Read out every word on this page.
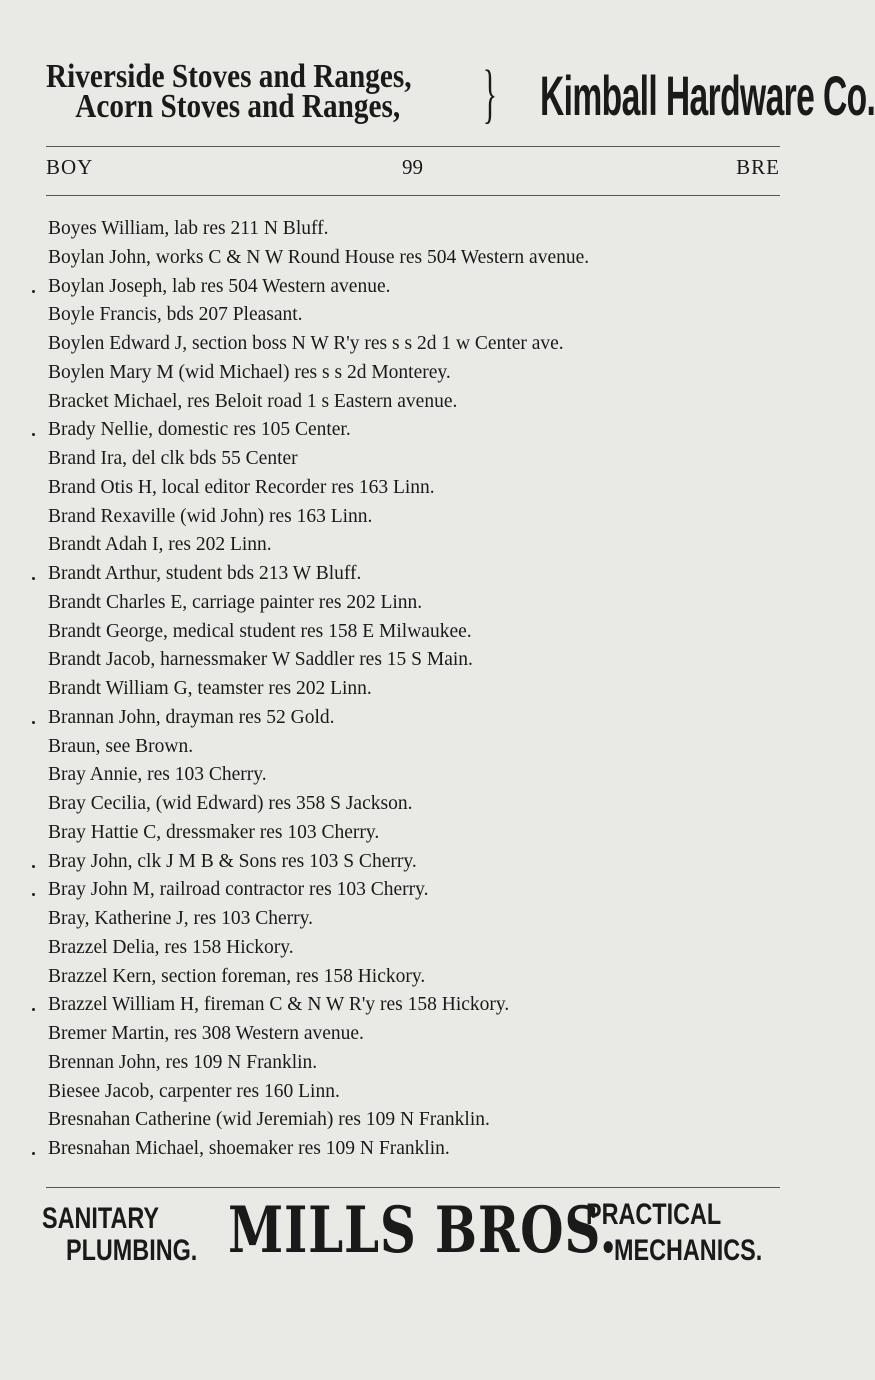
Riverside Stoves and Ranges,
Acorn Stoves and Ranges,	} Kimball Hardware Co.
BOY	99	BRE
Boyes William, lab res 211 N Bluff.
Boylan John, works C & N W Round House res 504 Western avenue.
Boylan Joseph, lab res 504 Western avenue.
Boyle Francis, bds 207 Pleasant.
Boylen Edward J, section boss N W R'y res s s 2d 1 w Center ave.
Boylen Mary M (wid Michael) res s s 2d Monterey.
Bracket Michael, res Beloit road 1 s Eastern avenue.
Brady Nellie, domestic res 105 Center.
Brand Ira, del clk bds 55 Center
Brand Otis H, local editor Recorder res 163 Linn.
Brand Rexaville (wid John) res 163 Linn.
Brandt Adah I, res 202 Linn.
Brandt Arthur, student bds 213 W Bluff.
Brandt Charles E, carriage painter res 202 Linn.
Brandt George, medical student res 158 E Milwaukee.
Brandt Jacob, harnessmaker W Saddler res 15 S Main.
Brandt William G, teamster res 202 Linn.
Brannan John, drayman res 52 Gold.
Braun, see Brown.
Bray Annie, res 103 Cherry.
Bray Cecilia, (wid Edward) res 358 S Jackson.
Bray Hattie C, dressmaker res 103 Cherry.
Bray John, clk J M B & Sons res 103 S Cherry.
Bray John M, railroad contractor res 103 Cherry.
Bray, Katherine J, res 103 Cherry.
Brazzel Delia, res 158 Hickory.
Brazzel Kern, section foreman, res 158 Hickory.
Brazzel William H, fireman C & N W R'y res 158 Hickory.
Bremer Martin, res 308 Western avenue.
Brennan John, res 109 N Franklin.
Biesee Jacob, carpenter res 160 Linn.
Bresnahan Catherine (wid Jeremiah) res 109 N Franklin.
Bresnahan Michael, shoemaker res 109 N Franklin.
SANITARY
PLUMBING. MILLS BROS.
PRACTICAL
MECHANICS.
